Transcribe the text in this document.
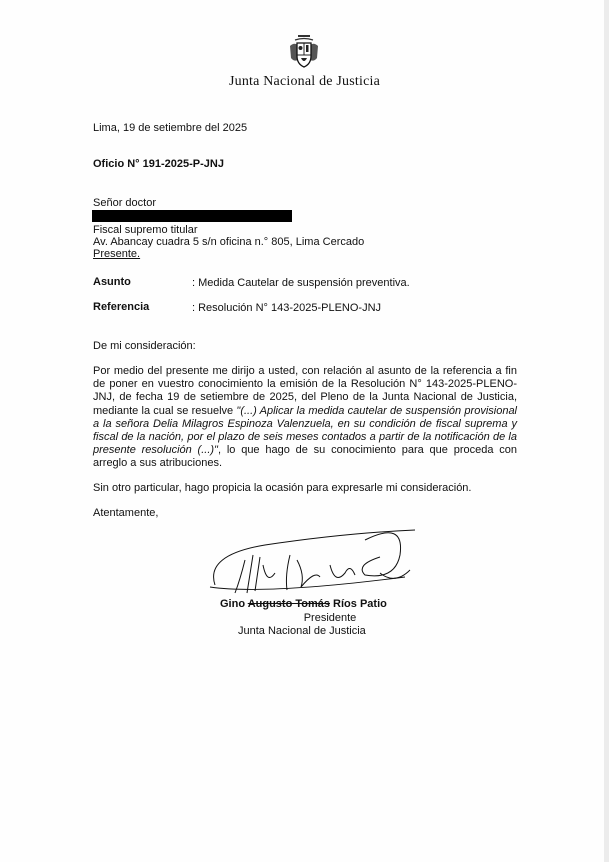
Junta Nacional de Justicia
Lima, 19 de setiembre del 2025
Oficio N° 191-2025-P-JNJ
Señor doctor
Fiscal supremo titular
Av. Abancay cuadra 5 s/n oficina n.° 805, Lima Cercado
Presente.
Asunto	: Medida Cautelar de suspensión preventiva.
Referencia	: Resolución N° 143-2025-PLENO-JNJ
De mi consideración:
Por medio del presente me dirijo a usted, con relación al asunto de la referencia a fin de poner en vuestro conocimiento la emisión de la Resolución N° 143-2025-PLENO-JNJ, de fecha 19 de setiembre de 2025, del Pleno de la Junta Nacional de Justicia, mediante la cual se resuelve "(...) Aplicar la medida cautelar de suspensión provisional a la señora Delia Milagros Espinoza Valenzuela, en su condición de fiscal suprema y fiscal de la nación, por el plazo de seis meses contados a partir de la notificación de la presente resolución (...)", lo que hago de su conocimiento para que proceda con arreglo a sus atribuciones.
Sin otro particular, hago propicia la ocasión para expresarle mi consideración.
Atentamente,
Gino Augusto Tomás Ríos Patio
Presidente
Junta Nacional de Justicia
